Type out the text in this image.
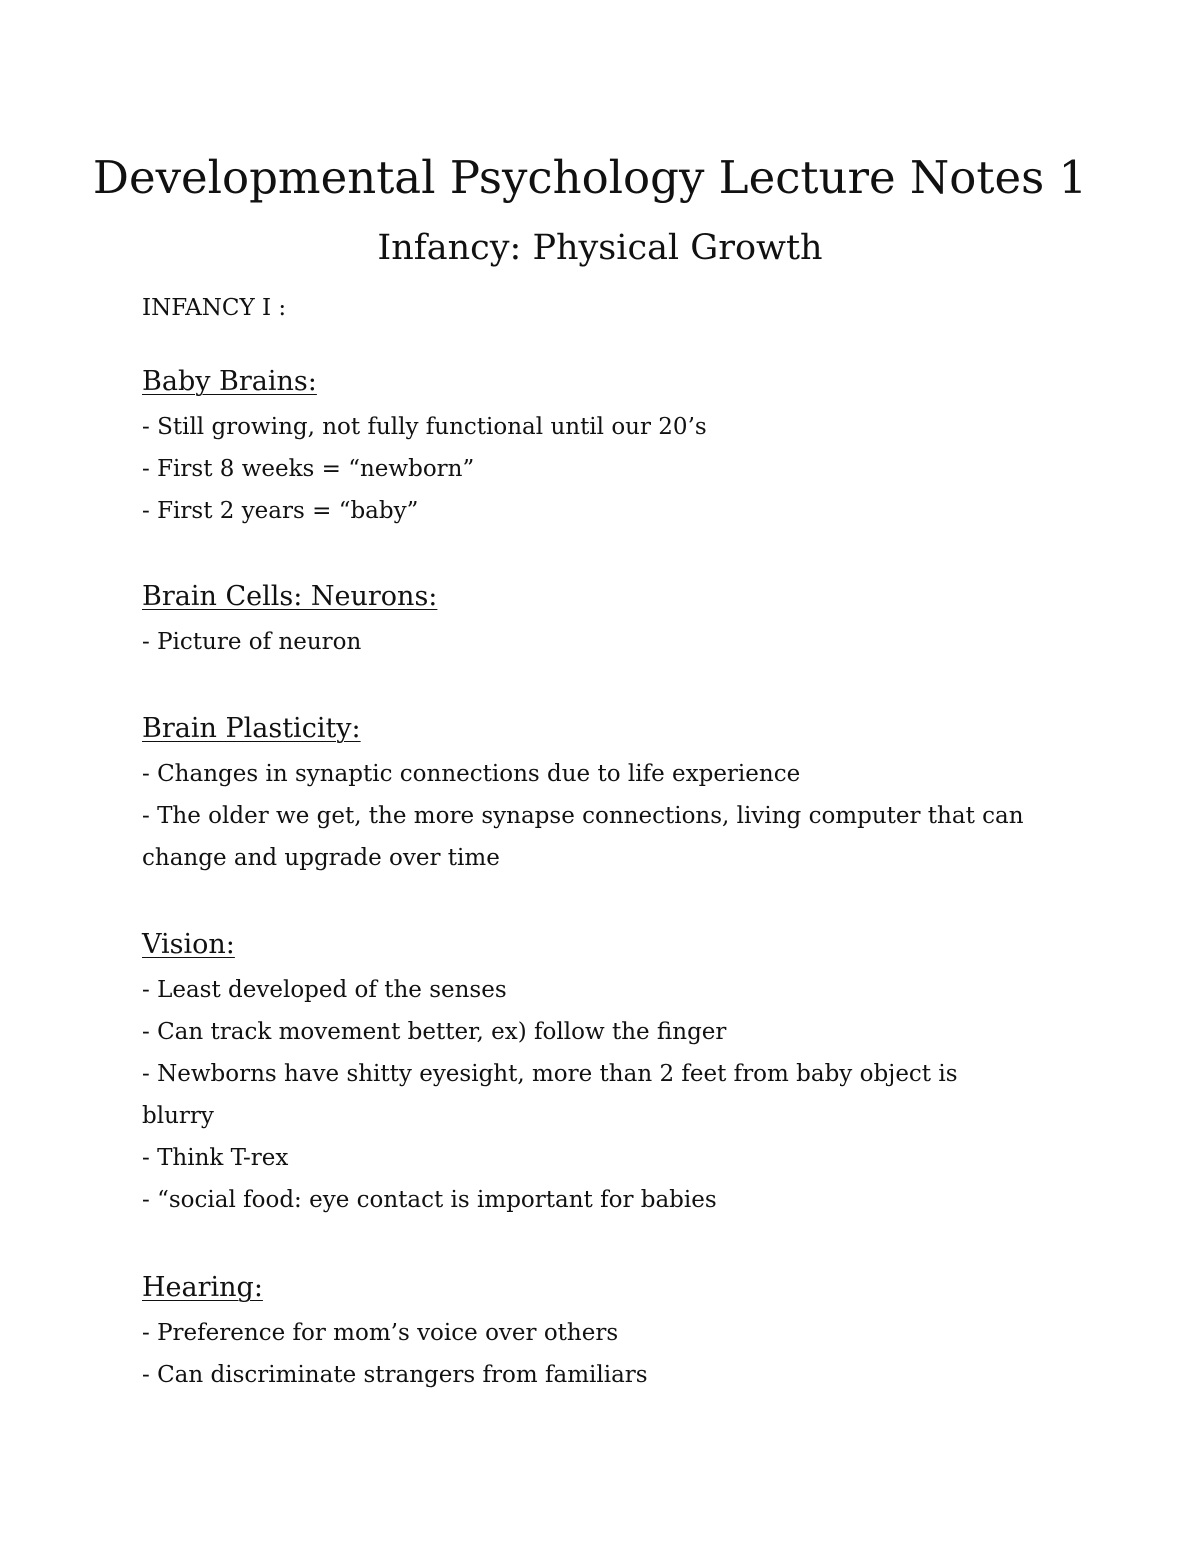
Developmental Psychology Lecture Notes 1
Infancy: Physical Growth

INFANCY I :

Baby Brains:

- Still growing, not fully functional until our 20’s

- First 8 weeks = “newborn”

- First 2 years = “baby”

Brain Cells: Neurons:

- Picture of neuron

Brain Plasticity:

- Changes in synaptic connections due to life experience

- The older we get, the more synapse connections, living computer that can change and upgrade over time

Vision:

- Least developed of the senses

- Can track movement better, ex) follow the finger

- Newborns have shitty eyesight, more than 2 feet from baby object is blurry

- Think T-rex

- “social food: eye contact is important for babies

Hearing:

- Preference for mom’s voice over others

- Can discriminate strangers from familiars
